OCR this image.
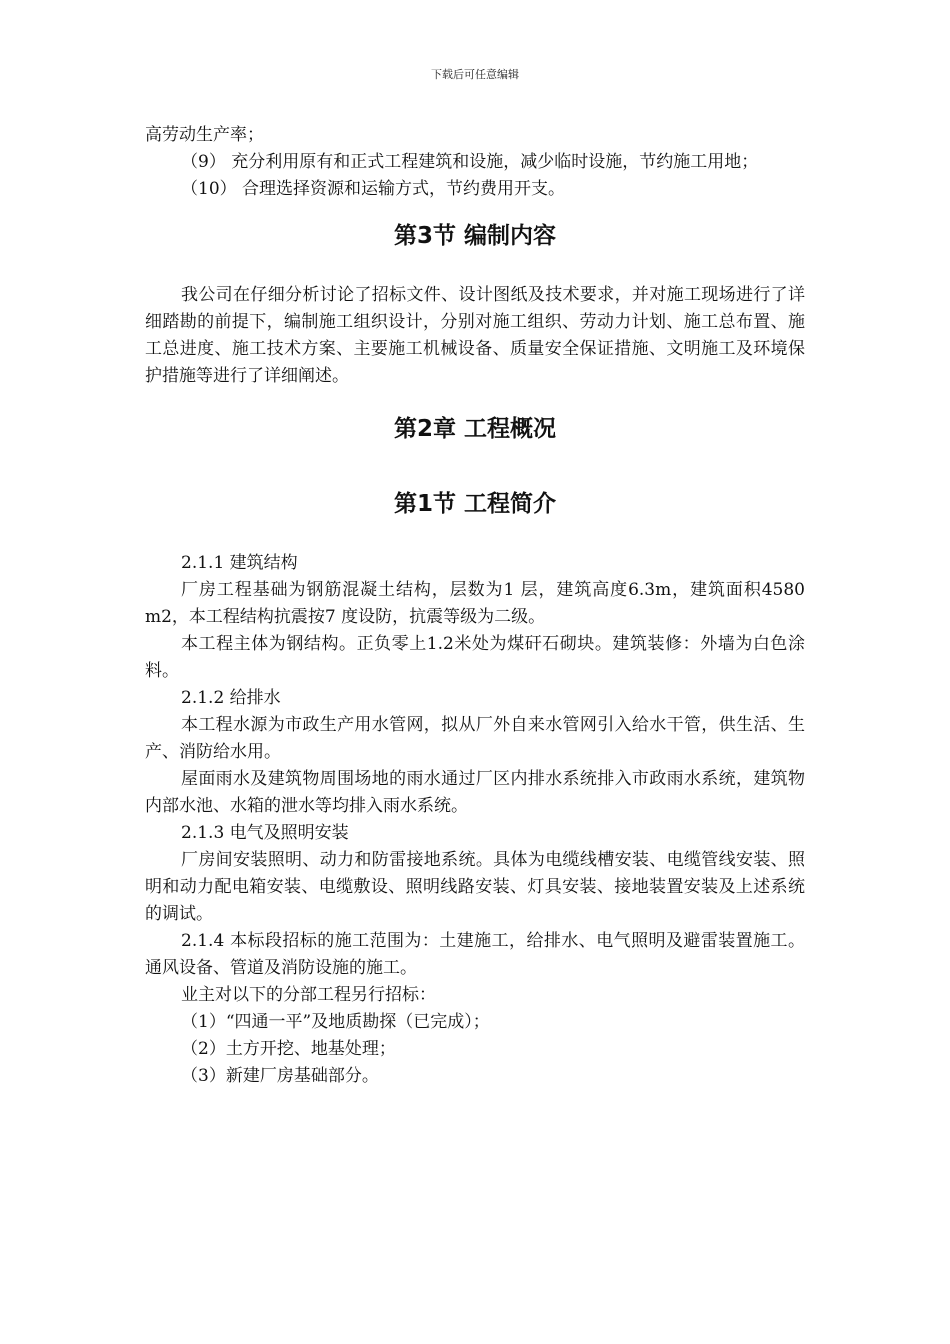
下载后可任意编辑

高劳动生产率；

（9） 充分利用原有和正式工程建筑和设施，减少临时设施，节约施工用地；

（10） 合理选择资源和运输方式，节约费用开支。

第3节 编制内容

我公司在仔细分析讨论了招标文件、设计图纸及技术要求，并对施工现场进行了详细踏勘的前提下，编制施工组织设计，分别对施工组织、劳动力计划、施工总布置、施工总进度、施工技术方案、主要施工机械设备、质量安全保证措施、文明施工及环境保护措施等进行了详细阐述。

第2章 工程概况
第1节 工程简介

2.1.1 建筑结构

厂房工程基础为钢筋混凝土结构，层数为1 层，建筑高度6.3m，建筑面积4580 m2，本工程结构抗震按7 度设防，抗震等级为二级。

本工程主体为钢结构。正负零上1.2米处为煤矸石砌块。建筑装修：外墙为白色涂料。

2.1.2 给排水

本工程水源为市政生产用水管网，拟从厂外自来水管网引入给水干管，供生活、生产、消防给水用。

屋面雨水及建筑物周围场地的雨水通过厂区内排水系统排入市政雨水系统，建筑物内部水池、水箱的泄水等均排入雨水系统。

2.1.3 电气及照明安装

厂房间安装照明、动力和防雷接地系统。具体为电缆线槽安装、电缆管线安装、照明和动力配电箱安装、电缆敷设、照明线路安装、灯具安装、接地装置安装及上述系统的调试。

2.1.4 本标段招标的施工范围为：土建施工，给排水、电气照明及避雷装置施工。通风设备、管道及消防设施的施工。

业主对以下的分部工程另行招标：

（1）“四通一平”及地质勘探（已完成）；

（2）土方开挖、地基处理；

（3）新建厂房基础部分。
